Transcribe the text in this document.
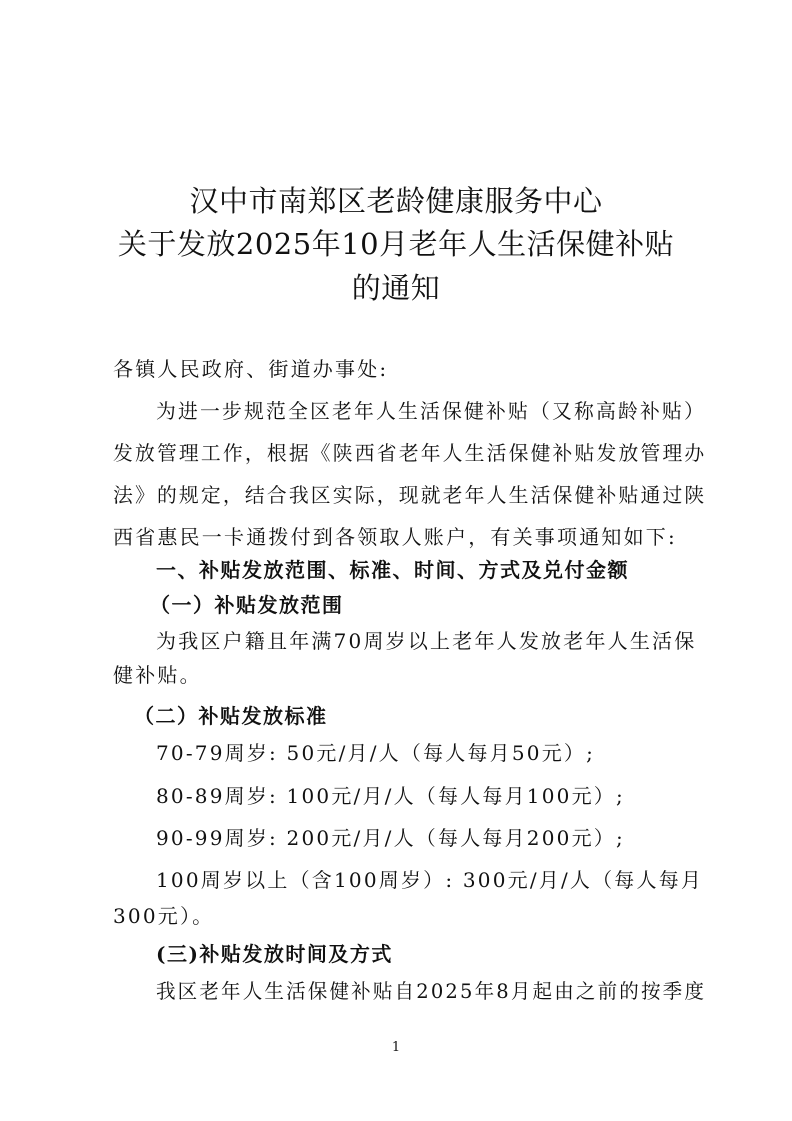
汉中市南郑区老龄健康服务中心
关于发放2025年10月老年人生活保健补贴
的通知
各镇人民政府、街道办事处:
为进一步规范全区老年人生活保健补贴（又称高龄补贴）
发放管理工作，根据《陕西省老年人生活保健补贴发放管理办
法》的规定，结合我区实际，现就老年人生活保健补贴通过陕
西省惠民一卡通拨付到各领取人账户，有关事项通知如下:
一、补贴发放范围、标准、时间、方式及兑付金额
（一）补贴发放范围
为我区户籍且年满70周岁以上老年人发放老年人生活保
健补贴。
（二）补贴发放标准
70-79周岁: 50元/月/人（每人每月50元）;
80-89周岁: 100元/月/人（每人每月100元）;
90-99周岁: 200元/月/人（每人每月200元）;
100周岁以上（含100周岁）: 300元/月/人（每人每月
300元）。
(三)补贴发放时间及方式
我区老年人生活保健补贴自2025年8月起由之前的按季度
1
